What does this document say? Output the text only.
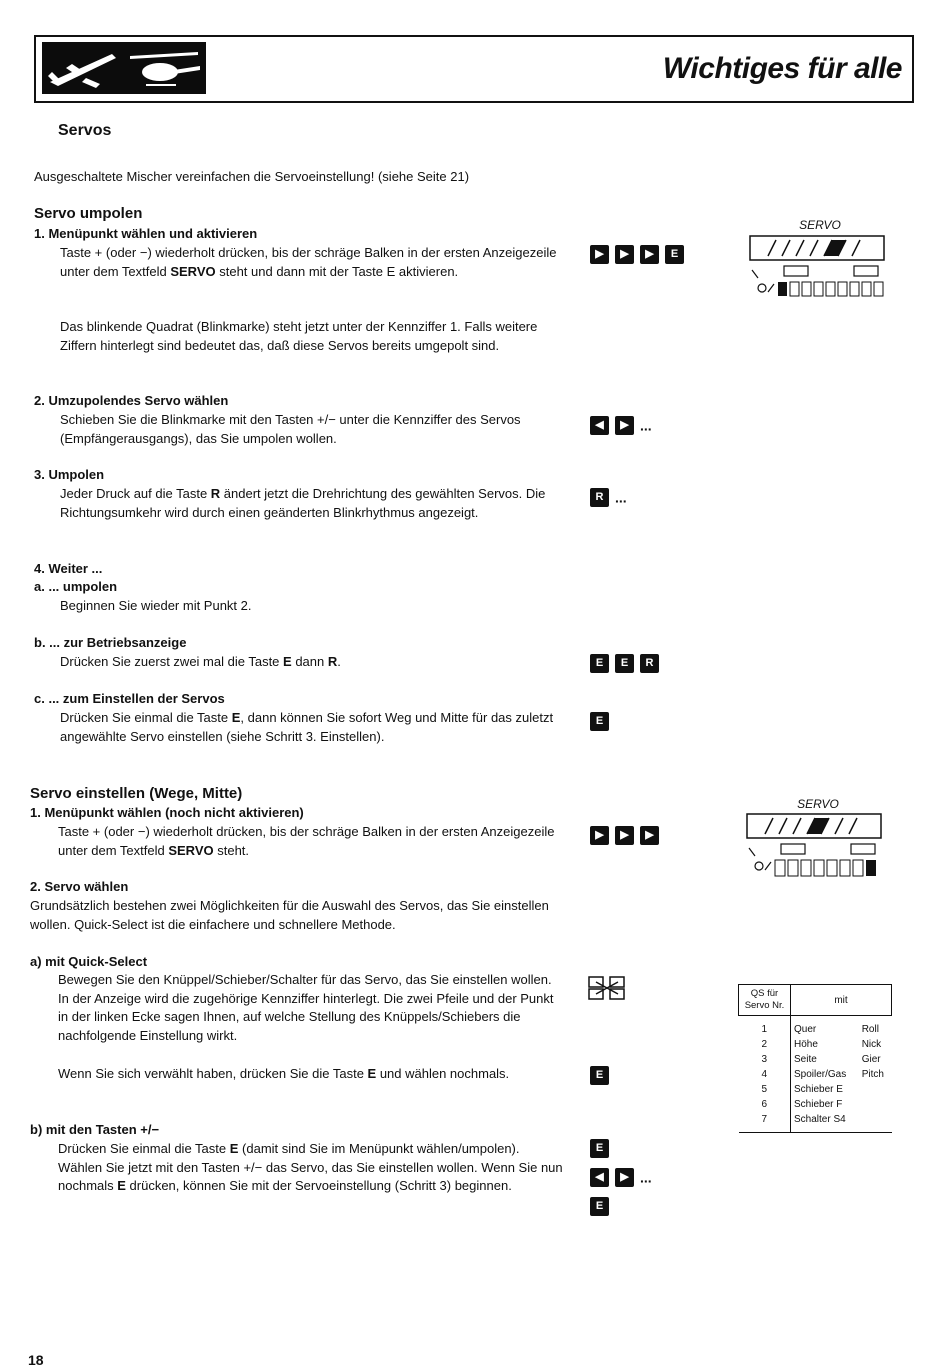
Wichtiges für alle
Servos
Ausgeschaltete Mischer vereinfachen die Servoeinstellung! (siehe Seite 21)
Servo umpolen
1. Menüpunkt wählen und aktivieren
Taste + (oder −) wiederholt drücken, bis der schräge Balken in der ersten Anzeigezeile unter dem Textfeld SERVO steht und dann mit der Taste E aktivieren.
▶ ▶ ▶ E
Das blinkende Quadrat (Blinkmarke) steht jetzt unter der Kennziffer 1. Falls weitere Ziffern hinterlegt sind bedeutet das, daß diese Servos bereits umgepolt sind.
2. Umzupolendes Servo wählen
Schieben Sie die Blinkmarke mit den Tasten +/− unter die Kennziffer des Servos (Empfängerausgangs), das Sie umpolen wollen.
◀ ▶ ...
3. Umpolen
Jeder Druck auf die Taste R ändert jetzt die Drehrichtung des gewählten Servos. Die Richtungsumkehr wird durch einen geänderten Blinkrhythmus angezeigt.
R ...
4. Weiter ...
a. ... umpolen
Beginnen Sie wieder mit Punkt 2.
b. ... zur Betriebsanzeige
Drücken Sie zuerst zwei mal die Taste E dann R.	E E R
c. ... zum Einstellen der Servos
Drücken Sie einmal die Taste E, dann können Sie sofort Weg und Mitte für das zuletzt angewählte Servo einstellen (siehe Schritt 3. Einstellen).
E
Servo einstellen (Wege, Mitte)
1. Menüpunkt wählen (noch nicht aktivieren)
Taste + (oder −) wiederholt drücken, bis der schräge Balken in der ersten Anzeigezeile unter dem Textfeld SERVO steht.
▶ ▶ ▶
2. Servo wählen
Grundsätzlich bestehen zwei Möglichkeiten für die Auswahl des Servos, das Sie einstellen wollen. Quick-Select ist die einfachere und schnellere Methode.
a) mit Quick-Select
Bewegen Sie den Knüppel/Schieber/Schalter für das Servo, das Sie einstellen wollen. In der Anzeige wird die zugehörige Kennziffer hinterlegt. Die zwei Pfeile und der Punkt in der linken Ecke sagen Ihnen, auf welche Stellung des Knüppels/Schiebers die nachfolgende Einstellung wirkt.
Wenn Sie sich verwählt haben, drücken Sie die Taste E und wählen nochmals.	E
b) mit den Tasten +/−
Drücken Sie einmal die Taste E (damit sind Sie im Menüpunkt wählen/umpolen). Wählen Sie jetzt mit den Tasten +/− das Servo, das Sie einstellen wollen. Wenn Sie nun nochmals E drücken, können Sie mit der Servoeinstellung (Schritt 3) beginnen.
E
◀ ▶ ...
E
SERVO
SERVO
QS für Servo Nr.	mit	

1	Quer	Roll
2	Höhe	Nick
3	Seite	Gier
4	Spoiler/Gas	Pitch
5	Schieber E	
6	Schieber F	
7	Schalter S4	

18
